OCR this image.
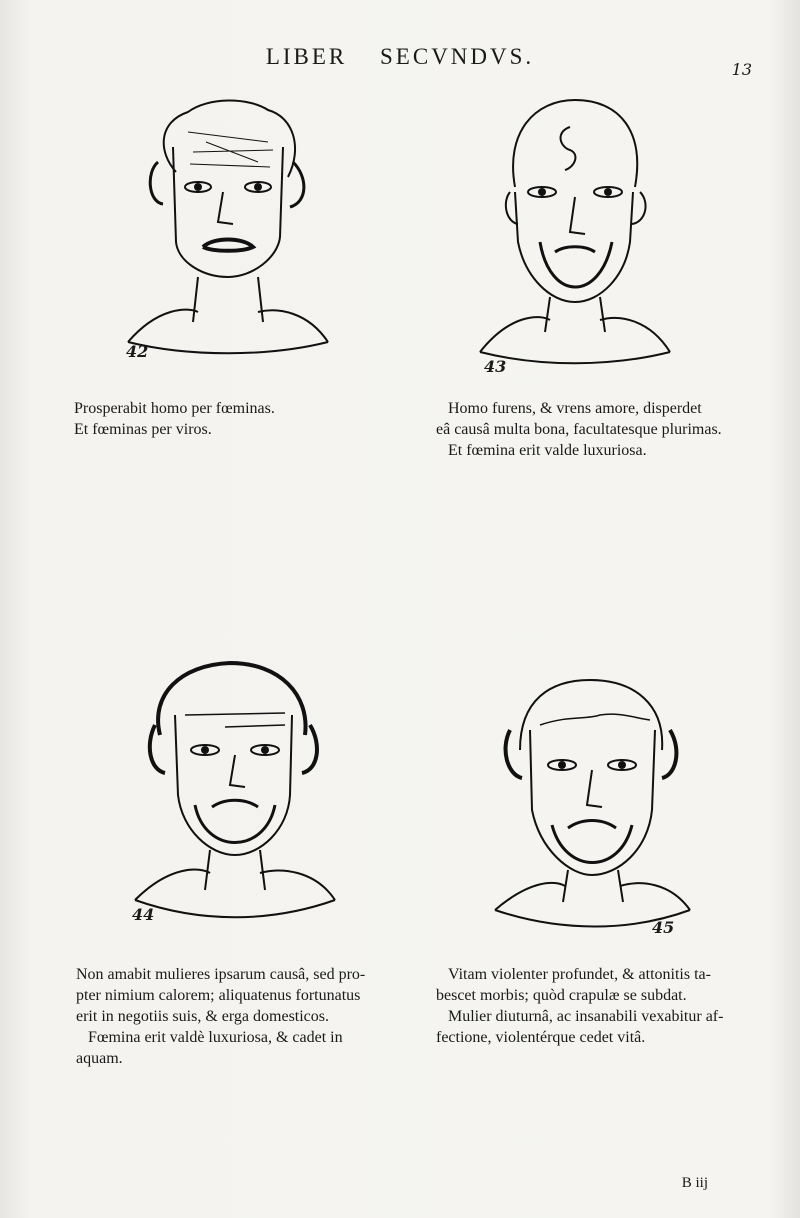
LIBER SECVNDVS.
13
42
43

Prosperabit homo per fœminas.

Et fœminas per viros.

Homo furens, & vrens amore, disperdet

eâ causâ multa bona, facultatesque plurimas.

Et fœmina erit valde luxuriosa.

44
45

Non amabit mulieres ipsarum causâ, sed pro-

pter nimium calorem; aliquatenus fortunatus

erit in negotiis suis, & erga domesticos.

Fœmina erit valdè luxuriosa, & cadet in

aquam.

Vitam violenter profundet, & attonitis ta-

bescet morbis; quòd crapulæ se subdat.

Mulier diuturnâ, ac insanabili vexabitur af-

fectione, violentérque cedet vitâ.

B iij
